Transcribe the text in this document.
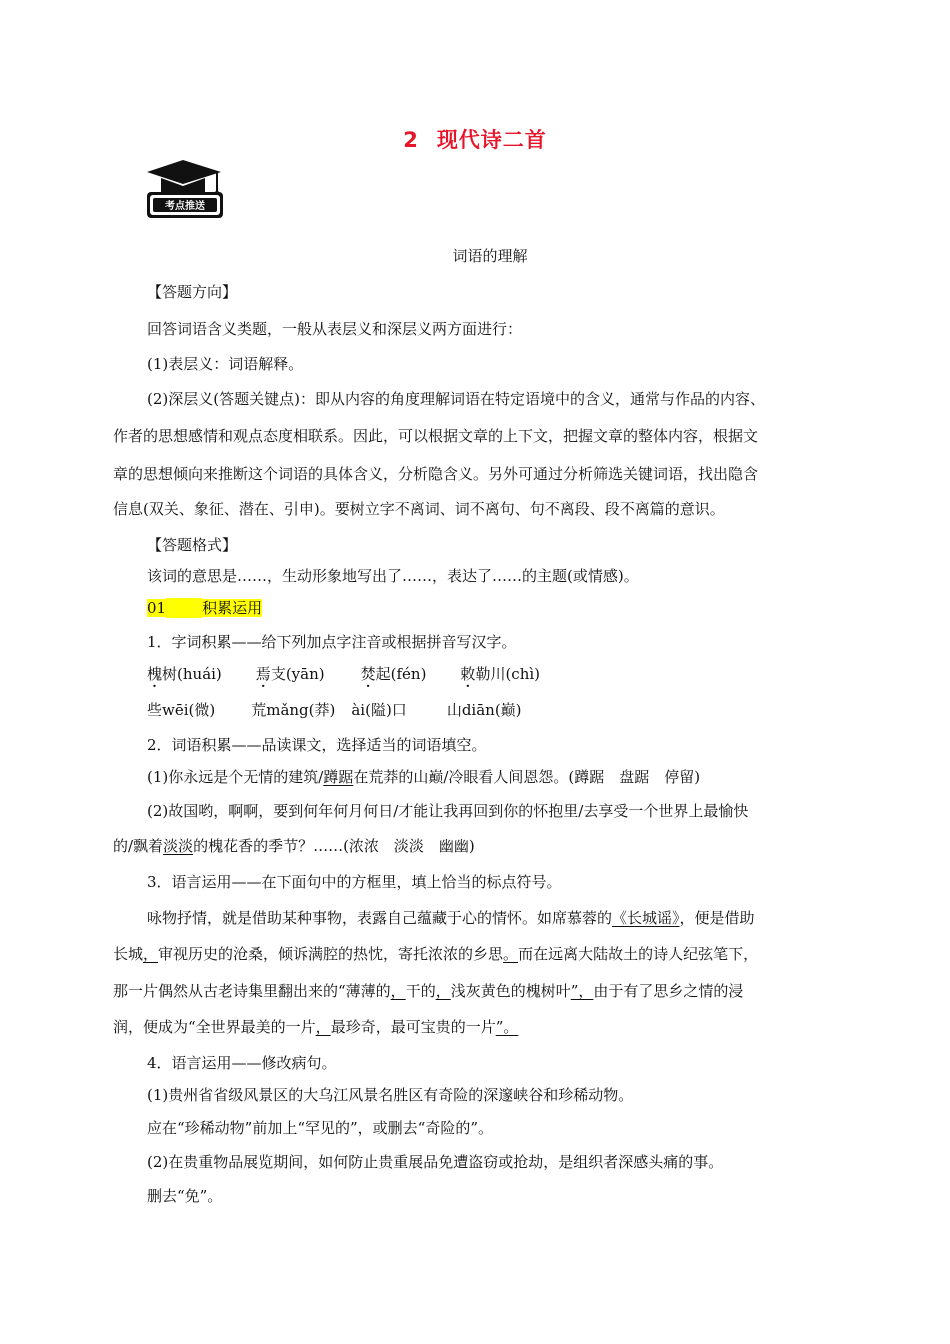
2 现代诗二首
考点推送
词语的理解
【答题方向】
回答词语含义类题，一般从表层义和深层义两方面进行：
(1)表层义：词语解释。
(2)深层义(答题关键点)：即从内容的角度理解词语在特定语境中的含义，通常与作品的内容、
作者的思想感情和观点态度相联系。因此，可以根据文章的上下文，把握文章的整体内容，根据文
章的思想倾向来推断这个词语的具体含义，分析隐含义。另外可通过分析筛选关键词语，找出隐含
信息(双关、象征、潜在、引申)。要树立字不离词、词不离句、句不离段、段不离篇的意识。
【答题格式】
该词的意思是……，生动形象地写出了……，表达了……的主题(或情感)。
01 积累运用
1．字词积累——给下列加点字注音或根据拼音写汉字。
槐树(huái) 焉支(yān) 焚起(fén) 敕勒川(chì)
些wēi(微) 荒mǎng(莽) ài(隘)口	山diān(巅)
2．词语积累——品读课文，选择适当的词语填空。
(1)你永远是个无情的建筑/蹲踞在荒莽的山巅/冷眼看人间恩怨。(蹲踞　盘踞　停留)
(2)故国哟，啊啊，要到何年何月何日/才能让我再回到你的怀抱里/去享受一个世界上最愉快
的/飘着淡淡的槐花香的季节？……(浓浓　淡淡　幽幽)
3．语言运用——在下面句中的方框里，填上恰当的标点符号。
咏物抒情，就是借助某种事物，表露自己蕴藏于心的情怀。如席慕蓉的《长城谣》，便是借助
长城，审视历史的沧桑，倾诉满腔的热忱，寄托浓浓的乡思。而在远离大陆故土的诗人纪弦笔下，
那一片偶然从古老诗集里翻出来的“薄薄的，干的，浅灰黄色的槐树叶”，由于有了思乡之情的浸
润，便成为“全世界最美的一片，最珍奇，最可宝贵的一片”。
4．语言运用——修改病句。
(1)贵州省省级风景区的大乌江风景名胜区有奇险的深邃峡谷和珍稀动物。
应在“珍稀动物”前加上“罕见的”，或删去“奇险的”。
(2)在贵重物品展览期间，如何防止贵重展品免遭盗窃或抢劫，是组织者深感头痛的事。
删去“免”。
